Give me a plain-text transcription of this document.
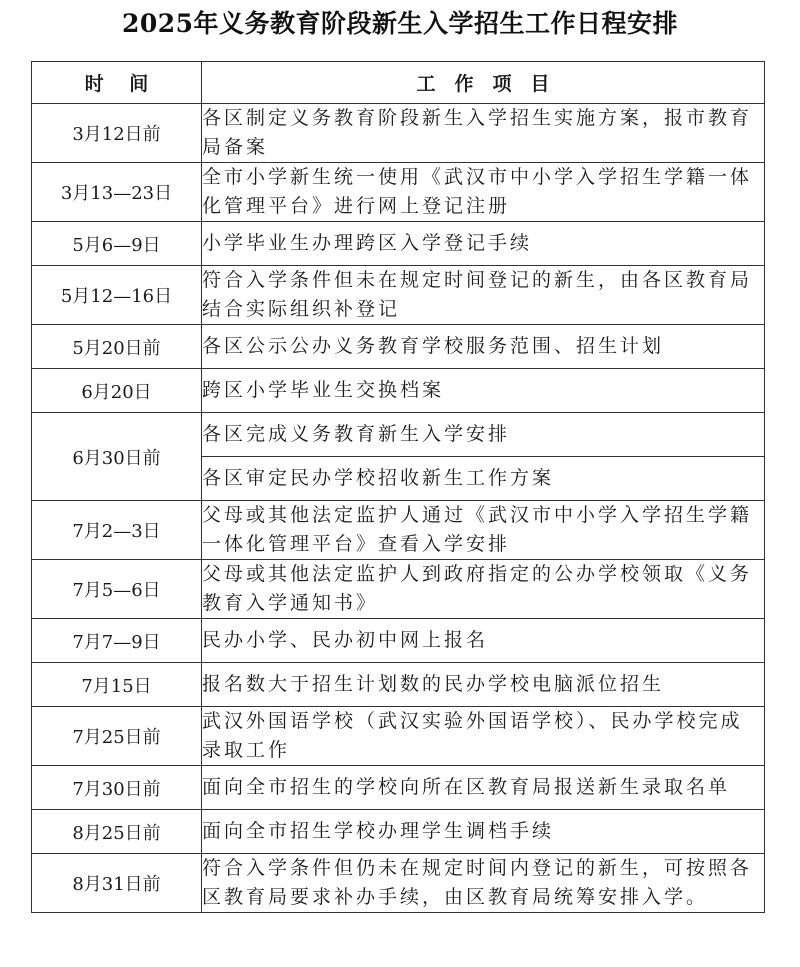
2025年义务教育阶段新生入学招生工作日程安排
时　 间	工　作　项　目
3月12日前	各区制定义务教育阶段新生入学招生实施方案，报市教育局备案
3月13—23日	全市小学新生统一使用《武汉市中小学入学招生学籍一体化管理平台》进行网上登记注册
5月6—9日	小学毕业生办理跨区入学登记手续
5月12—16日	符合入学条件但未在规定时间登记的新生，由各区教育局结合实际组织补登记
5月20日前	各区公示公办义务教育学校服务范围、招生计划
6月20日	跨区小学毕业生交换档案
6月30日前	各区完成义务教育新生入学安排
	各区审定民办学校招收新生工作方案
7月2—3日	父母或其他法定监护人通过《武汉市中小学入学招生学籍一体化管理平台》查看入学安排
7月5—6日	父母或其他法定监护人到政府指定的公办学校领取《义务教育入学通知书》
7月7—9日	民办小学、民办初中网上报名
7月15日	报名数大于招生计划数的民办学校电脑派位招生
7月25日前	武汉外国语学校（武汉实验外国语学校）、民办学校完成录取工作
7月30日前	面向全市招生的学校向所在区教育局报送新生录取名单
8月25日前	面向全市招生学校办理学生调档手续
8月31日前	符合入学条件但仍未在规定时间内登记的新生，可按照各区教育局要求补办手续，由区教育局统筹安排入学。
